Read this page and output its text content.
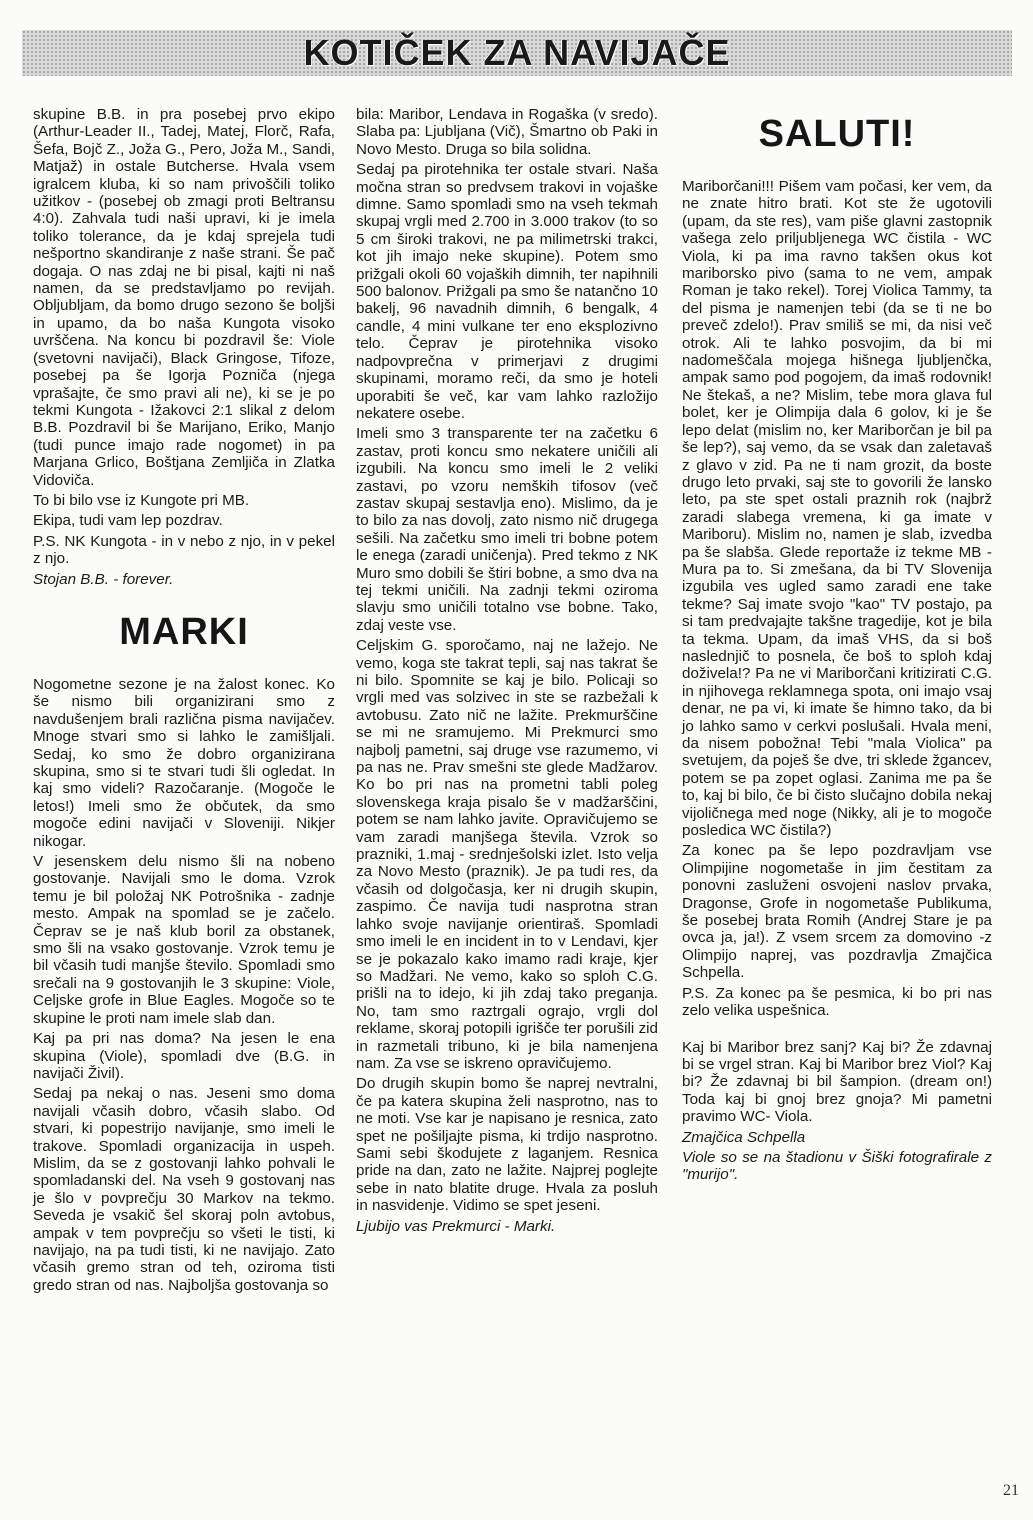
KOTIČEK ZA NAVIJAČE

skupine B.B. in pra posebej prvo ekipo (Arthur-Leader II., Tadej, Matej, Florč, Rafa, Šefa, Bojč Z., Joža G., Pero, Joža M., Sandi, Matjaž) in ostale Butcherse. Hvala vsem igralcem kluba, ki so nam privoščili toliko užitkov - (posebej ob zmagi proti Beltransu 4:0). Zahvala tudi naši upravi, ki je imela toliko tolerance, da je kdaj sprejela tudi nešportno skandiranje z naše strani. Še pač dogaja. O nas zdaj ne bi pisal, kajti ni naš namen, da se predstavljamo po revijah. Obljubljam, da bomo drugo sezono še boljši in upamo, da bo naša Kungota visoko uvrščena. Na koncu bi pozdravil še: Viole (svetovni navijači), Black Gringose, Tifoze, posebej pa še Igorja Pozniča (njega vprašajte, če smo pravi ali ne), ki se je po tekmi Kungota - Ižakovci 2:1 slikal z delom B.B. Pozdravil bi še Marijano, Eriko, Manjo (tudi punce imajo rade nogomet) in pa Marjana Grlico, Boštjana Zemljiča in Zlatka Vidoviča.

To bi bilo vse iz Kungote pri MB.

Ekipa, tudi vam lep pozdrav.

P.S. NK Kungota - in v nebo z njo, in v pekel z njo.

Stojan B.B. - forever.

MARKI

Nogometne sezone je na žalost konec. Ko še nismo bili organizirani smo z navdušenjem brali različna pisma navijačev. Mnoge stvari smo si lahko le zamišljali. Sedaj, ko smo že dobro organizirana skupina, smo si te stvari tudi šli ogledat. In kaj smo videli? Razočaranje. (Mogoče le letos!) Imeli smo že občutek, da smo mogoče edini navijači v Sloveniji. Nikjer nikogar.

V jesenskem delu nismo šli na nobeno gostovanje. Navijali smo le doma. Vzrok temu je bil položaj NK Potrošnika - zadnje mesto. Ampak na spomlad se je začelo. Čeprav se je naš klub boril za obstanek, smo šli na vsako gostovanje. Vzrok temu je bil včasih tudi manjše število. Spomladi smo srečali na 9 gostovanjih le 3 skupine: Viole, Celjske grofe in Blue Eagles. Mogoče so te skupine le proti nam imele slab dan.

Kaj pa pri nas doma? Na jesen le ena skupina (Viole), spomladi dve (B.G. in navijači Živil).

Sedaj pa nekaj o nas. Jeseni smo doma navijali včasih dobro, včasih slabo. Od stvari, ki popestrijo navijanje, smo imeli le trakove. Spomladi organizacija in uspeh. Mislim, da se z gostovanji lahko pohvali le spomladanski del. Na vseh 9 gostovanj nas je šlo v povprečju 30 Markov na tekmo. Seveda je vsakič šel skoraj poln avtobus, ampak v tem povprečju so všeti le tisti, ki navijajo, na pa tudi tisti, ki ne navijajo. Zato včasih gremo stran od teh, oziroma tisti gredo stran od nas. Najboljša gostovanja so

bila: Maribor, Lendava in Rogaška (v sredo). Slaba pa: Ljubljana (Vič), Šmartno ob Paki in Novo Mesto. Druga so bila solidna.

Sedaj pa pirotehnika ter ostale stvari. Naša močna stran so predvsem trakovi in vojaške dimne. Samo spomladi smo na vseh tekmah skupaj vrgli med 2.700 in 3.000 trakov (to so 5 cm široki trakovi, ne pa milimetrski trakci, kot jih imajo neke skupine). Potem smo prižgali okoli 60 vojaških dimnih, ter napihnili 500 balonov. Prižgali pa smo še natančno 10 bakelj, 96 navadnih dimnih, 6 bengalk, 4 candle, 4 mini vulkane ter eno eksplozivno telo. Čeprav je pirotehnika visoko nadpovprečna v primerjavi z drugimi skupinami, moramo reči, da smo je hoteli uporabiti še več, kar vam lahko razložijo nekatere osebe.

Imeli smo 3 transparente ter na začetku 6 zastav, proti koncu smo nekatere uničili ali izgubili. Na koncu smo imeli le 2 veliki zastavi, po vzoru nemških tifosov (več zastav skupaj sestavlja eno). Mislimo, da je to bilo za nas dovolj, zato nismo nič drugega sešili. Na začetku smo imeli tri bobne potem le enega (zaradi uničenja). Pred tekmo z NK Muro smo dobili še štiri bobne, a smo dva na tej tekmi uničili. Na zadnji tekmi oziroma slavju smo uničili totalno vse bobne. Tako, zdaj veste vse.

Celjskim G. sporočamo, naj ne lažejo. Ne vemo, koga ste takrat tepli, saj nas takrat še ni bilo. Spomnite se kaj je bilo. Policaji so vrgli med vas solzivec in ste se razbežali k avtobusu. Zato nič ne lažite. Prekmurščine se mi ne sramujemo. Mi Prekmurci smo najbolj pametni, saj druge vse razumemo, vi pa nas ne. Prav smešni ste glede Madžarov. Ko bo pri nas na prometni tabli poleg slovenskega kraja pisalo še v madžarščini, potem se nam lahko javite. Opravičujemo se vam zaradi manjšega števila. Vzrok so prazniki, 1.maj - srednješolski izlet. Isto velja za Novo Mesto (praznik). Je pa tudi res, da včasih od dolgočasja, ker ni drugih skupin, zaspimo. Če navija tudi nasprotna stran lahko svoje navijanje orientiraš. Spomladi smo imeli le en incident in to v Lendavi, kjer se je pokazalo kako imamo radi kraje, kjer so Madžari. Ne vemo, kako so sploh C.G. prišli na to idejo, ki jih zdaj tako preganja. No, tam smo raztrgali ograjo, vrgli dol reklame, skoraj potopili igrišče ter porušili zid in razmetali tribuno, ki je bila namenjena nam. Za vse se iskreno opravičujemo.

Do drugih skupin bomo še naprej nevtralni, če pa katera skupina želi nasprotno, nas to ne moti. Vse kar je napisano je resnica, zato spet ne pošiljajte pisma, ki trdijo nasprotno. Sami sebi škodujete z laganjem. Resnica pride na dan, zato ne lažite. Najprej poglejte sebe in nato blatite druge. Hvala za posluh in nasvidenje. Vidimo se spet jeseni.

Ljubijo vas Prekmurci - Marki.

SALUTI!

Mariborčani!!! Pišem vam počasi, ker vem, da ne znate hitro brati. Kot ste že ugotovili (upam, da ste res), vam piše glavni zastopnik vašega zelo priljubljenega WC čistila - WC Viola, ki pa ima ravno takšen okus kot mariborsko pivo (sama to ne vem, ampak Roman je tako rekel). Torej Violica Tammy, ta del pisma je namenjen tebi (da se ti ne bo preveč zdelo!). Prav smiliš se mi, da nisi več otrok. Ali te lahko posvojim, da bi mi nadomeščala mojega hišnega ljubljenčka, ampak samo pod pogojem, da imaš rodovnik! Ne štekaš, a ne? Mislim, tebe mora glava ful bolet, ker je Olimpija dala 6 golov, ki je še lepo delat (mislim no, ker Mariborčan je bil pa še lep?), saj vemo, da se vsak dan zaletavaš z glavo v zid. Pa ne ti nam grozit, da boste drugo leto prvaki, saj ste to govorili že lansko leto, pa ste spet ostali praznih rok (najbrž zaradi slabega vremena, ki ga imate v Mariboru). Mislim no, namen je slab, izvedba pa še slabša. Glede reportaže iz tekme MB - Mura pa to. Si zmešana, da bi TV Slovenija izgubila ves ugled samo zaradi ene take tekme? Saj imate svojo "kao" TV postajo, pa si tam predvajajte takšne tragedije, kot je bila ta tekma. Upam, da imaš VHS, da si boš naslednjič to posnela, če boš to sploh kdaj doživela!? Pa ne vi Mariborčani kritizirati C.G. in njihovega reklamnega spota, oni imajo vsaj denar, ne pa vi, ki imate še himno tako, da bi jo lahko samo v cerkvi poslušali. Hvala meni, da nisem pobožna! Tebi "mala Violica" pa svetujem, da poješ še dve, tri sklede žgancev, potem se pa zopet oglasi. Zanima me pa še to, kaj bi bilo, če bi čisto slučajno dobila nekaj vijoličnega med noge (Nikky, ali je to mogoče posledica WC čistila?)

Za konec pa še lepo pozdravljam vse Olimpijine nogometaše in jim čestitam za ponovni zasluženi osvojeni naslov prvaka, Dragonse, Grofe in nogometaše Publikuma, še posebej brata Romih (Andrej Stare je pa ovca ja, ja!). Z vsem srcem za domovino -z Olimpijo naprej, vas pozdravlja Zmajčica Schpella.

P.S. Za konec pa še pesmica, ki bo pri nas zelo velika uspešnica.

Kaj bi Maribor brez sanj? Kaj bi? Že zdavnaj bi se vrgel stran. Kaj bi Maribor brez Viol? Kaj bi? Že zdavnaj bi bil šampion. (dream on!) Toda kaj bi gnoj brez gnoja? Mi pametni pravimo WC- Viola.

Zmajčica Schpella

Viole so se na štadionu v Šiški fotografirale z "murijo".

21
